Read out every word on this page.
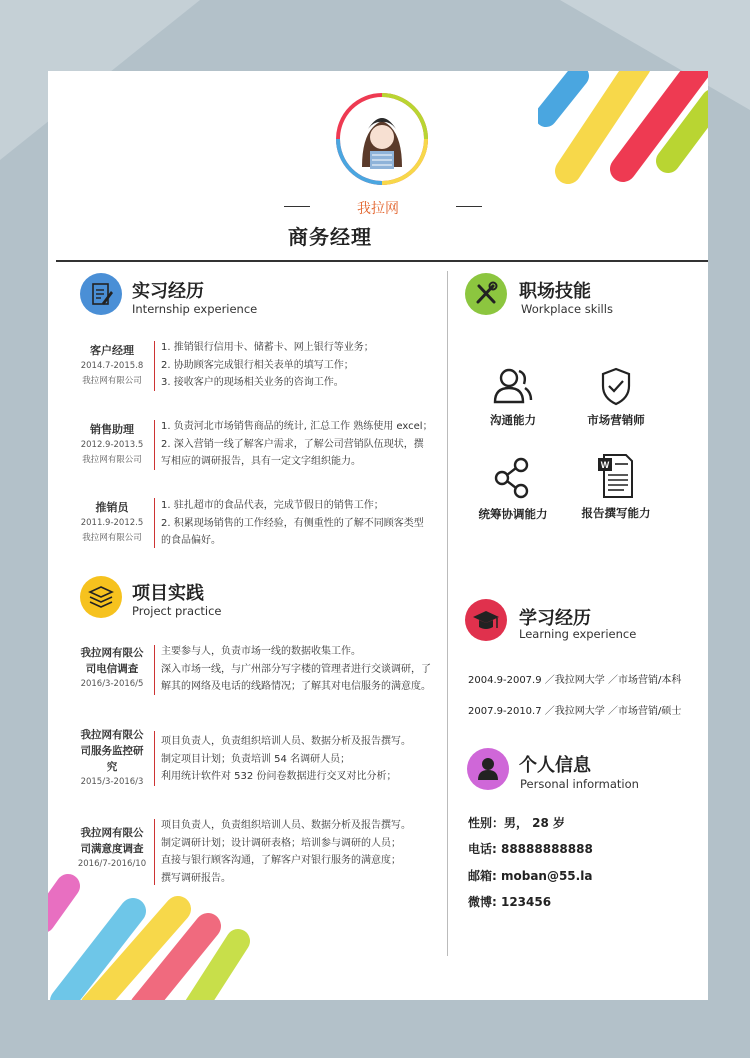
我拉网
商务经理
实习经历
Internship experience
客户经理
2014.7-2015.8
我拉网有限公司
1. 推销银行信用卡、储蓄卡、网上银行等业务；
2. 协助顾客完成银行相关表单的填写工作；
3. 接收客户的现场相关业务的咨询工作。
销售助理
2012.9-2013.5
我拉网有限公司
1. 负责河北市场销售商品的统计, 汇总工作 熟练使用 excel；
2. 深入营销一线了解客户需求，了解公司营销队伍现状，撰
写相应的调研报告，具有一定文字组织能力。
推销员
2011.9-2012.5
我拉网有限公司
1. 驻扎超市的食品代表，完成节假日的销售工作；
2. 积累现场销售的工作经验，有侧重性的了解不同顾客类型
的食品偏好。
项目实践
Project practice
我拉网有限公
司电信调查
2016/3-2016/5
主要参与人，负责市场一线的数据收集工作。
深入市场一线，与广州部分写字楼的管理者进行交谈调研，了
解其的网络及电话的线路情况；了解其对电信服务的满意度。
我拉网有限公
司服务监控研
究
2015/3-2016/3
项目负责人，负责组织培训人员、数据分析及报告撰写。
制定项目计划；负责培训 54 名调研人员；
利用统计软件对 532 份问卷数据进行交叉对比分析；
我拉网有限公
司满意度调查
2016/7-2016/10
项目负责人，负责组织培训人员、数据分析及报告撰写。
制定调研计划；设计调研表格；培训参与调研的人员；
直接与银行顾客沟通，了解客户对银行服务的满意度；
撰写调研报告。
职场技能
Workplace skills
沟通能力	市场营销师
统筹协调能力
W
报告撰写能力
学习经历
Learning experience
2004.9-2007.9 ／我拉网大学 ／市场营销/本科
2007.9-2010.7 ／我拉网大学 ／市场营销/硕士
个人信息
Personal information
性别：男， 28 岁
电话: 88888888888
邮箱: moban@55.la
微博: 123456
